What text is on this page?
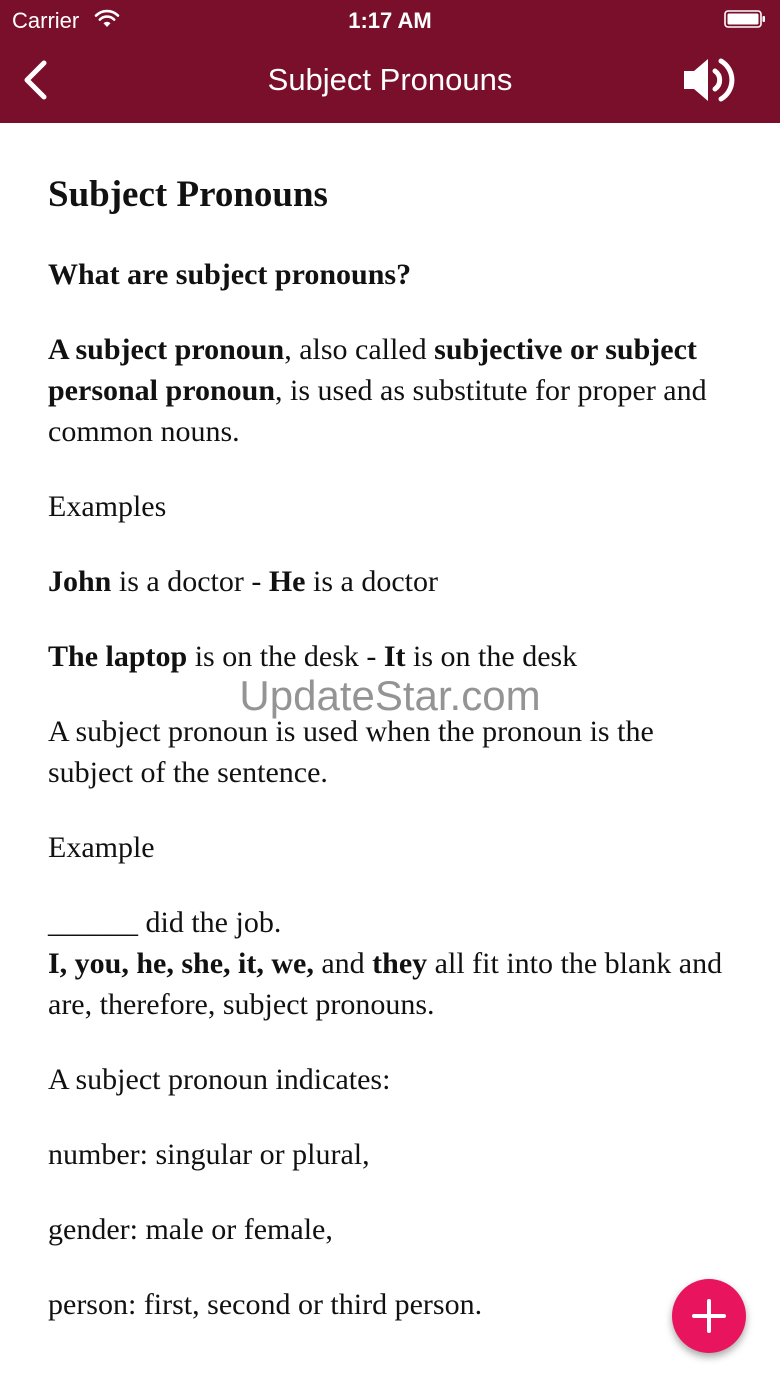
Carrier	1:17 AM
Subject Pronouns
Subject Pronouns
What are subject pronouns?

A subject pronoun, also called subjective or subject personal pronoun, is used as substitute for proper and common nouns.

Examples

John is a doctor - He is a doctor

The laptop is on the desk - It is on the desk

A subject pronoun is used when the pronoun is the subject of the sentence.

Example

______ did the job.

I, you, he, she, it, we, and they all fit into the blank and are, therefore, subject pronouns.

A subject pronoun indicates:

number: singular or plural,

gender: male or female,

person: first, second or third person.

UpdateStar.com
